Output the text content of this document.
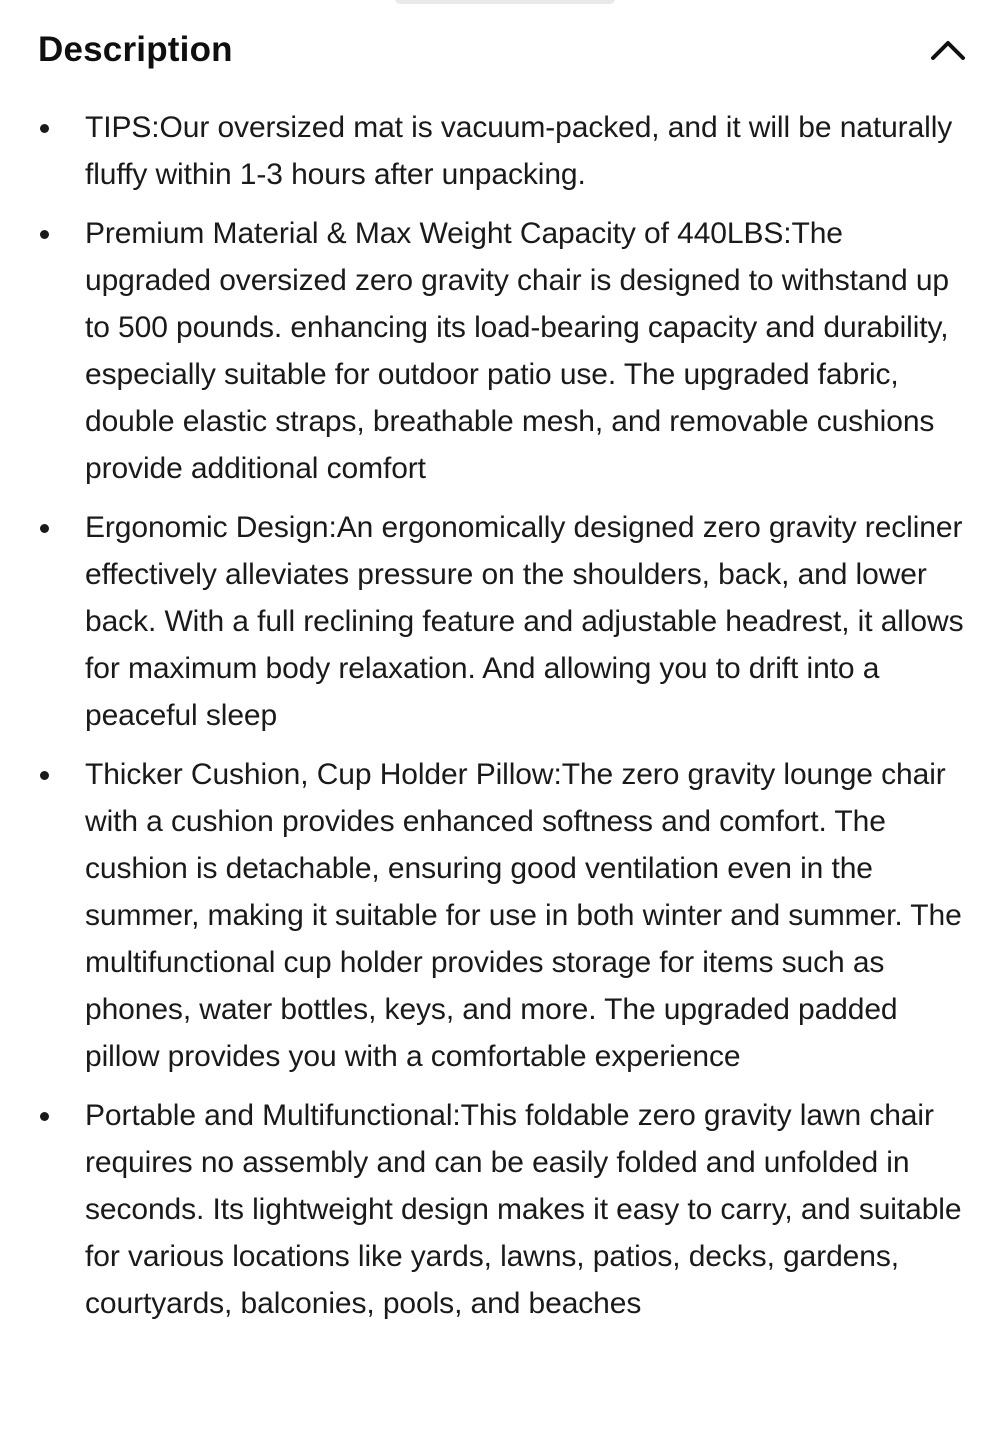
Description
TIPS:Our oversized mat is vacuum-packed, and it will be naturally fluffy within 1-3 hours after unpacking.
Premium Material & Max Weight Capacity of 440LBS:The upgraded oversized zero gravity chair is designed to withstand up to 500 pounds. enhancing its load-bearing capacity and durability, especially suitable for outdoor patio use. The upgraded fabric, double elastic straps, breathable mesh, and removable cushions provide additional comfort
Ergonomic Design:An ergonomically designed zero gravity recliner effectively alleviates pressure on the shoulders, back, and lower back. With a full reclining feature and adjustable headrest, it allows for maximum body relaxation. And allowing you to drift into a peaceful sleep
Thicker Cushion, Cup Holder Pillow:The zero gravity lounge chair with a cushion provides enhanced softness and comfort. The cushion is detachable, ensuring good ventilation even in the summer, making it suitable for use in both winter and summer. The multifunctional cup holder provides storage for items such as phones, water bottles, keys, and more. The upgraded padded pillow provides you with a comfortable experience
Portable and Multifunctional:This foldable zero gravity lawn chair requires no assembly and can be easily folded and unfolded in seconds. Its lightweight design makes it easy to carry, and suitable for various locations like yards, lawns, patios, decks, gardens, courtyards, balconies, pools, and beaches
